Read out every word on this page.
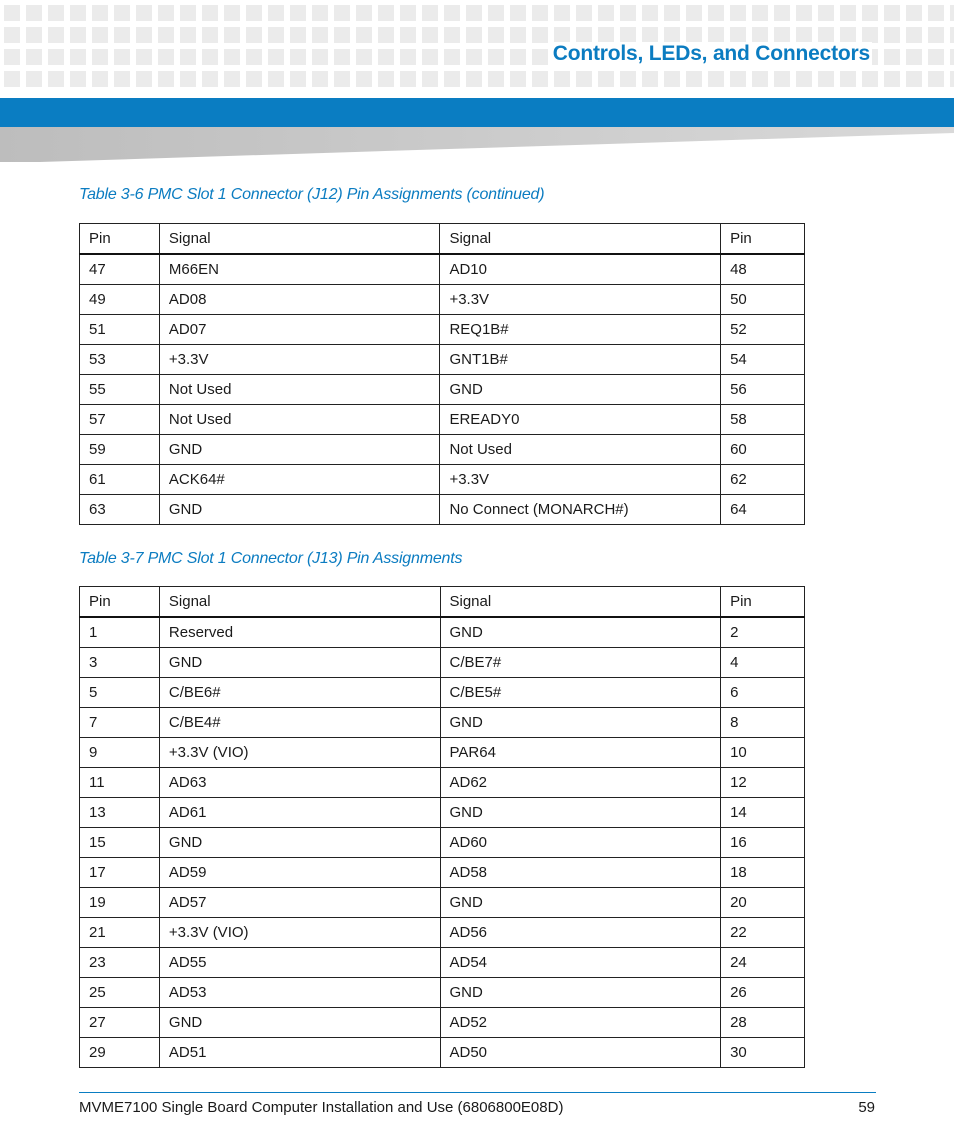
Controls, LEDs, and Connectors
Table 3-6 PMC Slot 1 Connector (J12) Pin Assignments (continued)
Pin	Signal	Signal	Pin
47	M66EN	AD10	48
49	AD08	+3.3V	50
51	AD07	REQ1B#	52
53	+3.3V	GNT1B#	54
55	Not Used	GND	56
57	Not Used	EREADY0	58
59	GND	Not Used	60
61	ACK64#	+3.3V	62
63	GND	No Connect (MONARCH#)	64
Table 3-7 PMC Slot 1 Connector (J13) Pin Assignments
Pin	Signal	Signal	Pin
1	Reserved	GND	2
3	GND	C/BE7#	4
5	C/BE6#	C/BE5#	6
7	C/BE4#	GND	8
9	+3.3V (VIO)	PAR64	10
11	AD63	AD62	12
13	AD61	GND	14
15	GND	AD60	16
17	AD59	AD58	18
19	AD57	GND	20
21	+3.3V (VIO)	AD56	22
23	AD55	AD54	24
25	AD53	GND	26
27	GND	AD52	28
29	AD51	AD50	30
MVME7100 Single Board Computer Installation and Use (6806800E08D)	59
